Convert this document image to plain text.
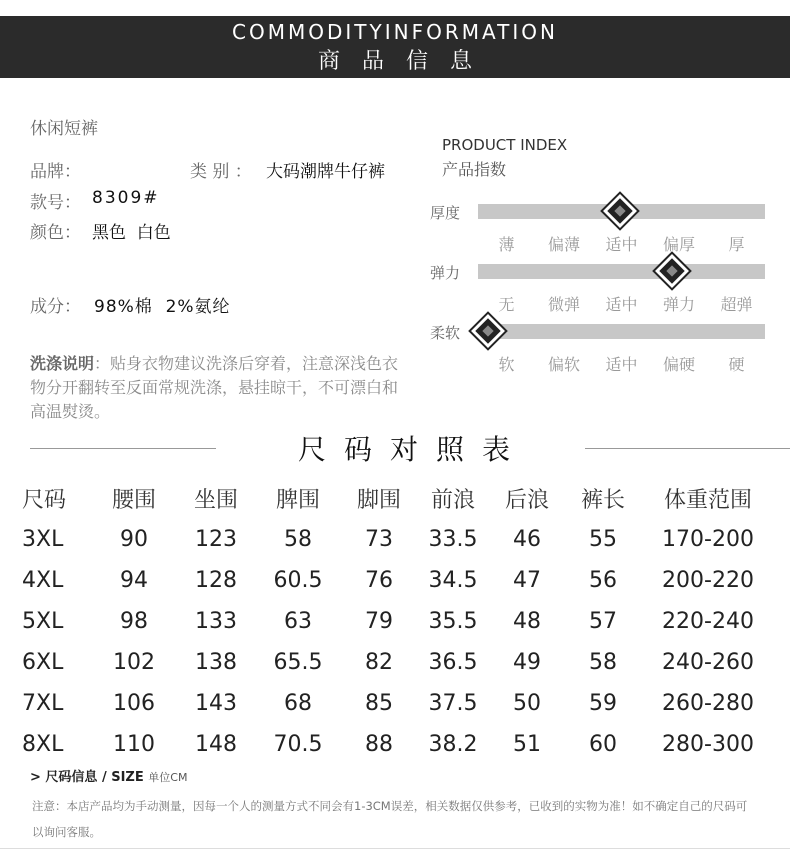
COMMODITYINFORMATION
商品信息
休闲短裤
品牌：	类 别 ： 大码潮牌牛仔裤
款号： 8309#
颜色： 黑色  白色
成分： 98%棉  2%氨纶
洗涤说明：贴身衣物建议洗涤后穿着，注意深浅色衣物分开翻转至反面常规洗涤，悬挂晾干，不可漂白和高温熨烫。
PRODUCT INDEX
产品指数
厚度
薄	偏薄	适中	偏厚	厚
弹力
无	微弹	适中	弹力	超弹
柔软
软	偏软	适中	偏硬	硬
尺码对照表
尺码	腰围	坐围	脾围	脚围	前浪	后浪	裤长	体重范围
3XL	90	123	58	73	33.5	46	55	170-200
4XL	94	128	60.5	76	34.5	47	56	200-220
5XL	98	133	63	79	35.5	48	57	220-240
6XL	102	138	65.5	82	36.5	49	58	240-260
7XL	106	143	68	85	37.5	50	59	260-280
8XL	110	148	70.5	88	38.2	51	60	280-300
> 尺码信息 / SIZE 单位CM
注意：本店产品均为手动测量，因每一个人的测量方式不同会有1-3CM误差，相关数据仅供参考，已收到的实物为准！如不确定自己的尺码可以询问客服。
